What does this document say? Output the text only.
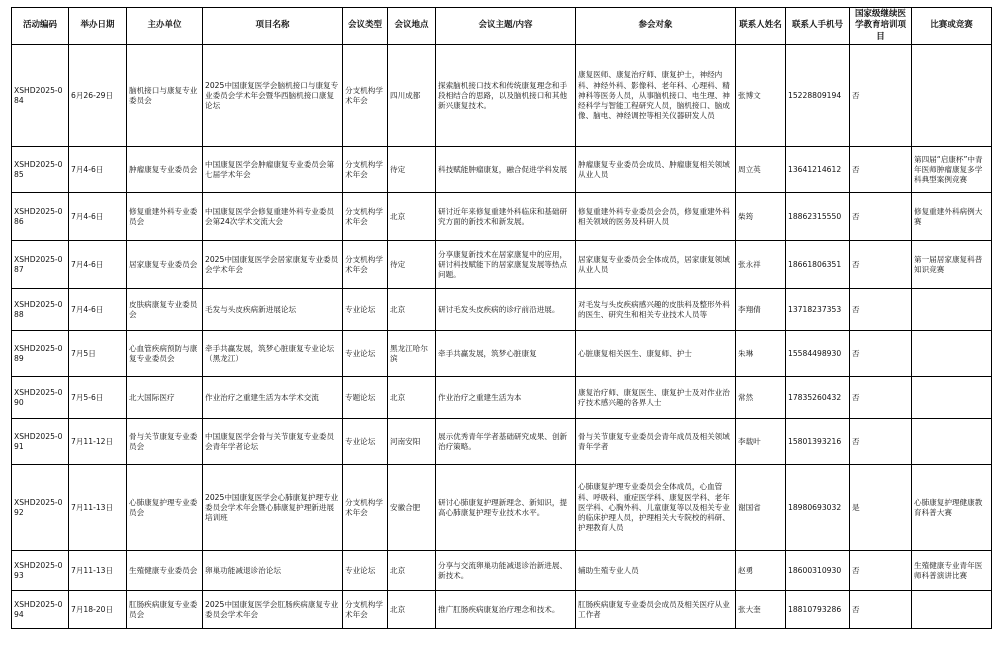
活动编码	举办日期	主办单位	项目名称	会议类型	会议地点	会议主题/内容	参会对象	联系人姓名	联系人手机号	国家级继续医学教育培训项目	比赛或竞赛
XSHD2025-084	6月26-29日	脑机接口与康复专业委员会	2025中国康复医学会脑机接口与康复专业委员会学术年会暨华西脑机接口康复论坛	分支机构学术年会	四川成都	探索脑机接口技术和传统康复理念和手段相结合的思路，以及脑机接口和其他新兴康复技术。	康复医师、康复治疗师、康复护士，神经内科、神经外科、影像科、老年科、心理科、精神科等医务人员，从事脑机接口、电生理、神经科学与智能工程研究人员，脑机接口、脑成像、脑电、神经调控等相关仪器研发人员	张博文	15228809194	否	
XSHD2025-085	7月4-6日	肿瘤康复专业委员会	中国康复医学会肿瘤康复专业委员会第七届学术年会	分支机构学术年会	待定	科技赋能肿瘤康复，融合促进学科发展	肿瘤康复专业委员会成员、肿瘤康复相关领域从业人员	周立英	13641214612	否	第四届“启康杯”中青年医师肿瘤康复多学科典型案例竞赛
XSHD2025-086	7月4-6日	修复重建外科专业委员会	中国康复医学会修复重建外科专业委员会第24次学术交流大会	分支机构学术年会	北京	研讨近年来修复重建外科临床和基础研究方面的新技术和新发展。	修复重建外科专业委员会会员，修复重建外科相关领域的医务及科研人员	柴筠	18862315550	否	修复重建外科病例大赛
XSHD2025-087	7月4-6日	居家康复专业委员会	2025中国康复医学会居家康复专业委员会学术年会	分支机构学术年会	待定	分享康复新技术在居家康复中的应用，研讨科技赋能下的居家康复发展等热点问题。	居家康复专业委员会全体成员，居家康复领域从业人员	张永祥	18661806351	否	第一届居家康复科普知识竞赛
XSHD2025-088	7月4-6日	皮肤病康复专业委员会	毛发与头皮疾病新进展论坛	专业论坛	北京	研讨毛发头皮疾病的诊疗前沿进展。	对毛发与头皮疾病感兴趣的皮肤科及整形外科的医生、研究生和相关专业技术人员等	李翔倩	13718237353	否	
XSHD2025-089	7月5日	心血管疾病预防与康复专业委员会	牵手共赢发展，筑梦心脏康复专业论坛（黑龙江）	专业论坛	黑龙江哈尔滨	牵手共赢发展，筑梦心脏康复	心脏康复相关医生、康复师、护士	朱琳	15584498930	否	
XSHD2025-090	7月5-6日	北大国际医疗	作业治疗之重建生活为本学术交流	专题论坛	北京	作业治疗之重建生活为本	康复治疗师、康复医生、康复护士及对作业治疗技术感兴趣的各界人士	常然	17835260432	否	
XSHD2025-091	7月11-12日	骨与关节康复专业委员会	中国康复医学会骨与关节康复专业委员会青年学者论坛	专业论坛	河南安阳	展示优秀青年学者基础研究成果、创新治疗策略。	骨与关节康复专业委员会青年成员及相关领域青年学者	李载叶	15801393216	否	
XSHD2025-092	7月11-13日	心肺康复护理专业委员会	2025中国康复医学会心肺康复护理专业委员会学术年会暨心肺康复护理新进展培训班	分支机构学术年会	安徽合肥	研讨心肺康复护理新理念、新知识，提高心肺康复护理专业技术水平。	心肺康复护理专业委员会全体成员，心血管科、呼吸科、重症医学科、康复医学科、老年医学科、心胸外科、儿童康复等以及相关专业的临床护理人员，护理相关大专院校的科研、护理教育人员	谢国省	18980693032	是	心肺康复护理健康教育科普大赛
XSHD2025-093	7月11-13日	生殖健康专业委员会	卵巢功能减退诊治论坛	专业论坛	北京	分享与交流卵巢功能减退诊治新进展、新技术。	辅助生殖专业人员	赵勇	18600310930	否	生殖健康专业青年医师科普演讲比赛
XSHD2025-094	7月18-20日	肛肠疾病康复专业委员会	2025中国康复医学会肛肠疾病康复专业委员会学术年会	分支机构学术年会	北京	推广肛肠疾病康复治疗理念和技术。	肛肠疾病康复专业委员会成员及相关医疗从业工作者	张大奎	18810793286	否	
